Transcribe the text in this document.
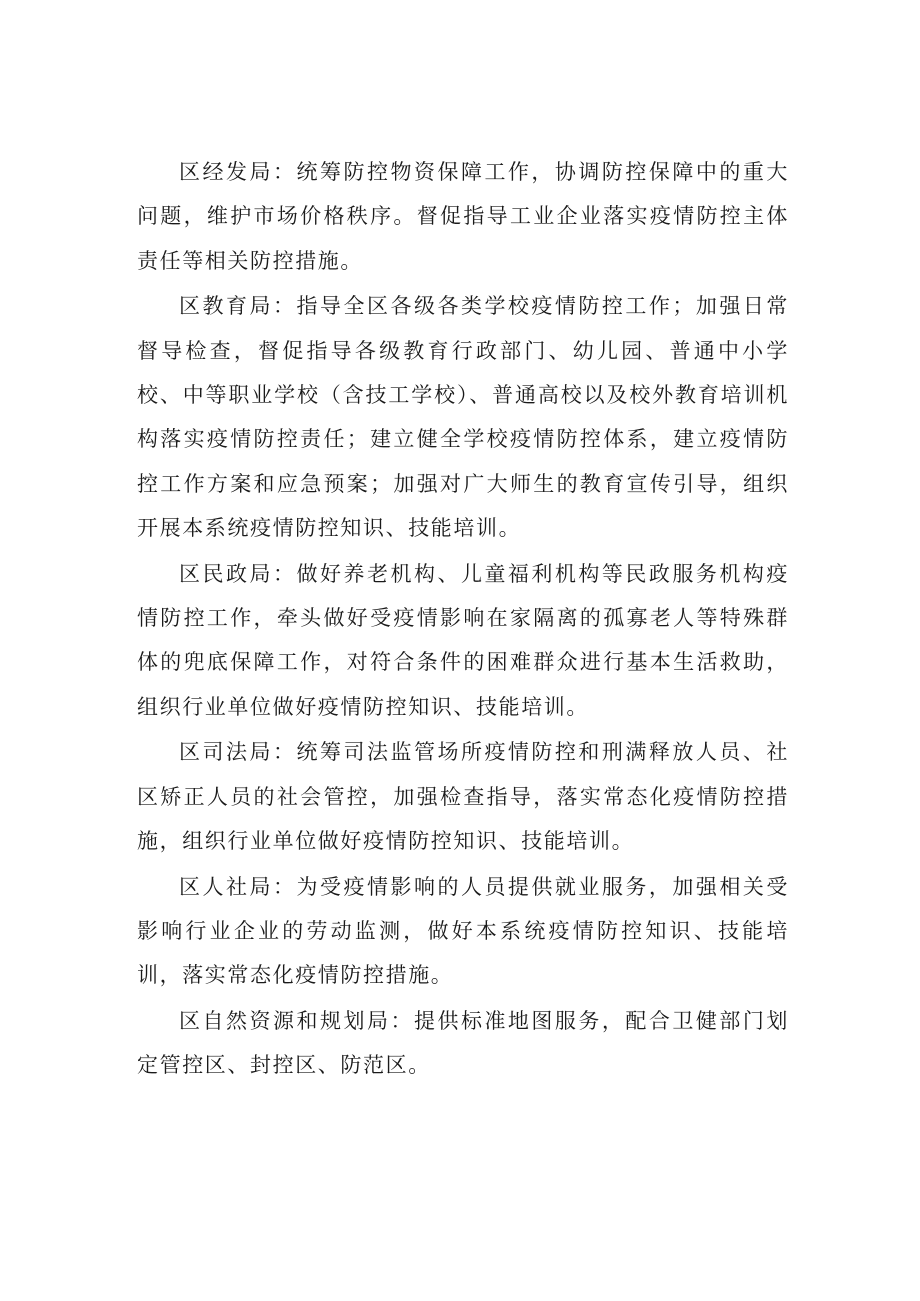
区经发局：统筹防控物资保障工作，协调防控保障中的重大问题，维护市场价格秩序。督促指导工业企业落实疫情防控主体责任等相关防控措施。

区教育局：指导全区各级各类学校疫情防控工作；加强日常督导检查，督促指导各级教育行政部门、幼儿园、普通中小学校、中等职业学校（含技工学校）、普通高校以及校外教育培训机构落实疫情防控责任；建立健全学校疫情防控体系，建立疫情防控工作方案和应急预案；加强对广大师生的教育宣传引导，组织开展本系统疫情防控知识、技能培训。

区民政局：做好养老机构、儿童福利机构等民政服务机构疫情防控工作，牵头做好受疫情影响在家隔离的孤寡老人等特殊群体的兜底保障工作，对符合条件的困难群众进行基本生活救助，组织行业单位做好疫情防控知识、技能培训。

区司法局：统筹司法监管场所疫情防控和刑满释放人员、社区矫正人员的社会管控，加强检查指导，落实常态化疫情防控措施，组织行业单位做好疫情防控知识、技能培训。

区人社局：为受疫情影响的人员提供就业服务，加强相关受影响行业企业的劳动监测，做好本系统疫情防控知识、技能培训，落实常态化疫情防控措施。

区自然资源和规划局：提供标准地图服务，配合卫健部门划定管控区、封控区、防范区。
